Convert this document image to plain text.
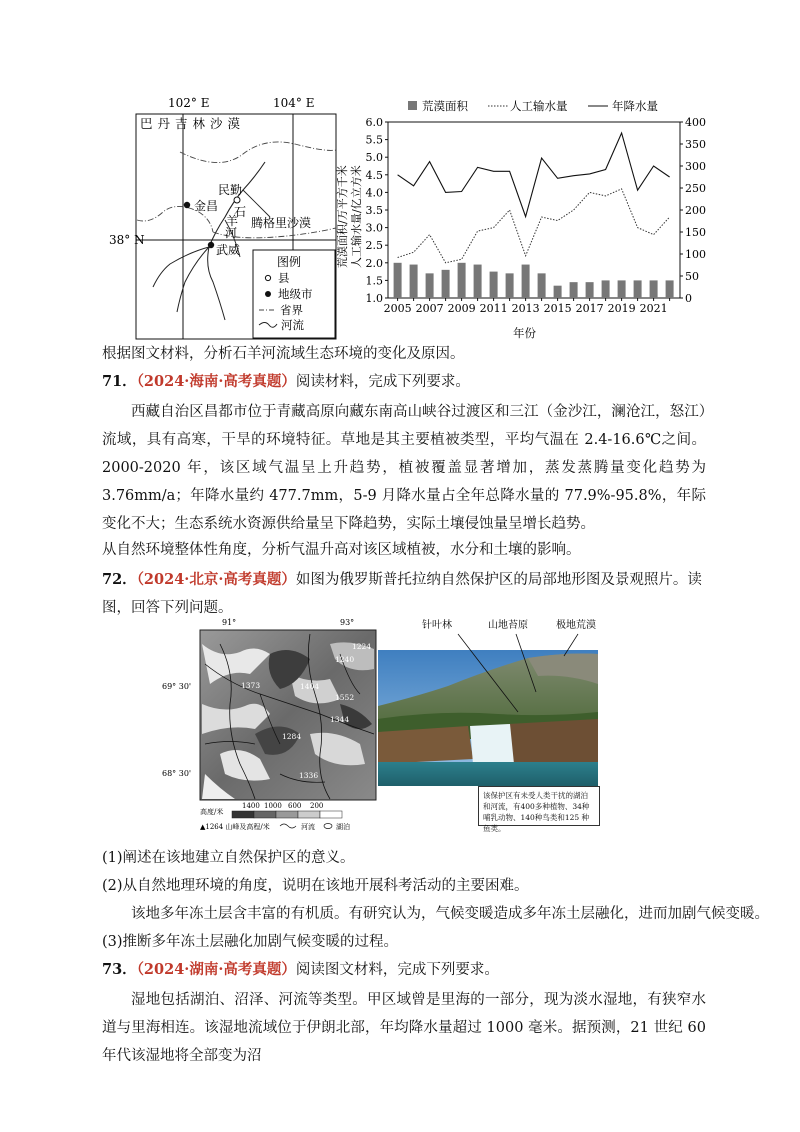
102° E	104° E
巴丹吉林沙漠
腾格里沙漠
民勤
金昌
武威
石
羊
河
38° N
图例
县
地级市
省界
河流
荒漠面积	人工输水量	年降水量
荒漠面积/万平方千米 人工输水量/亿立方米
年份
1.0
1.5
2.0
2.5
3.0
3.5
4.0
4.5
5.0
5.5
6.0
0
50
100
150
200
250
300
350
400
2005 2007 2009 2011 2013 2015 2017 2019 2021
根据图文材料，分析石羊河流域生态环境的变化及原因。
71．（2024·海南·高考真题）阅读材料，完成下列要求。
西藏自治区昌都市位于青藏高原向藏东南高山峡谷过渡区和三江（金沙江，澜沧江，怒江）流域，具有高寒，干旱的环境特征。草地是其主要植被类型，平均气温在 2.4-16.6℃之间。2000-2020 年，该区域气温呈上升趋势，植被覆盖显著增加，蒸发蒸腾量变化趋势为 3.76mm/a；年降水量约 477.7mm，5-9 月降水量占全年总降水量的 77.9%-95.8%，年际变化不大；生态系统水资源供给量呈下降趋势，实际土壤侵蚀量呈增长趋势。
从自然环境整体性角度，分析气温升高对该区域植被，水分和土壤的影响。
72．（2024·北京·高考真题）如图为俄罗斯普托拉纳自然保护区的局部地形图及景观照片。读图，回答下列问题。
91°	93°
69° 30'
68° 30'
1224
1373	1404
1552
1344
1284
1336
1240
高度/米
1400 1000 600 200
▲1264 山峰及高程/米	河流	湖泊
针叶林	山地苔原	极地荒漠
该保护区有未受人类干扰的湖泊和河流，有400多种植物、34种哺乳动物、140种鸟类和125 种鱼类。
(1)阐述在该地建立自然保护区的意义。
(2)从自然地理环境的角度，说明在该地开展科考活动的主要困难。
该地多年冻土层含丰富的有机质。有研究认为，气候变暖造成多年冻土层融化，进而加剧气候变暖。
(3)推断多年冻土层融化加剧气候变暖的过程。
73．（2024·湖南·高考真题）阅读图文材料，完成下列要求。
湿地包括湖泊、沼泽、河流等类型。甲区域曾是里海的一部分，现为淡水湿地，有狭窄水道与里海相连。该湿地流域位于伊朗北部，年均降水量超过 1000 毫米。据预测，21 世纪 60 年代该湿地将全部变为沼
